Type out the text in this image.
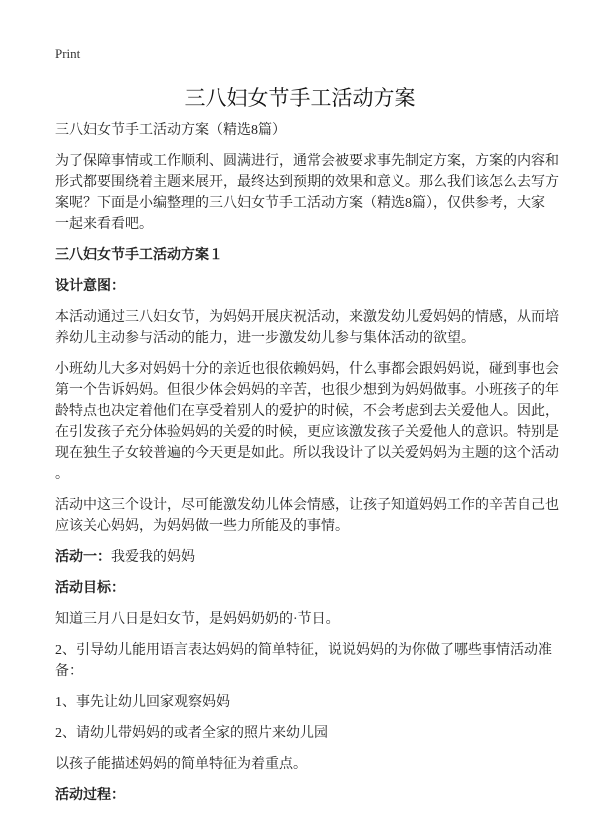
Print
三八妇女节手工活动方案

三八妇女节手工活动方案（精选8篇）

为了保障事情或工作顺利、圆满进行，通常会被要求事先制定方案，方案的内容和
形式都要围绕着主题来展开，最终达到预期的效果和意义。那么我们该怎么去写方
案呢？下面是小编整理的三八妇女节手工活动方案（精选8篇），仅供参考，大家
一起来看看吧。

三八妇女节手工活动方案１

设计意图：

本活动通过三八妇女节，为妈妈开展庆祝活动，来激发幼儿爱妈妈的情感，从而培
养幼儿主动参与活动的能力，进一步激发幼儿参与集体活动的欲望。

小班幼儿大多对妈妈十分的亲近也很依赖妈妈，什么事都会跟妈妈说，碰到事也会
第一个告诉妈妈。但很少体会妈妈的辛苦，也很少想到为妈妈做事。小班孩子的年
龄特点也决定着他们在享受着别人的爱护的时候，不会考虑到去关爱他人。因此，
在引发孩子充分体验妈妈的关爱的时候，更应该激发孩子关爱他人的意识。特别是
现在独生子女较普遍的今天更是如此。所以我设计了以关爱妈妈为主题的这个活动
。

活动中这三个设计，尽可能激发幼儿体会情感，让孩子知道妈妈工作的辛苦自己也
应该关心妈妈，为妈妈做一些力所能及的事情。

活动一：我爱我的妈妈

活动目标：

知道三月八日是妇女节，是妈妈奶奶的·节日。

2、引导幼儿能用语言表达妈妈的简单特征，说说妈妈的为你做了哪些事情活动准
备：

1、事先让幼儿回家观察妈妈

2、请幼儿带妈妈的或者全家的照片来幼儿园

以孩子能描述妈妈的简单特征为着重点。

活动过程：
